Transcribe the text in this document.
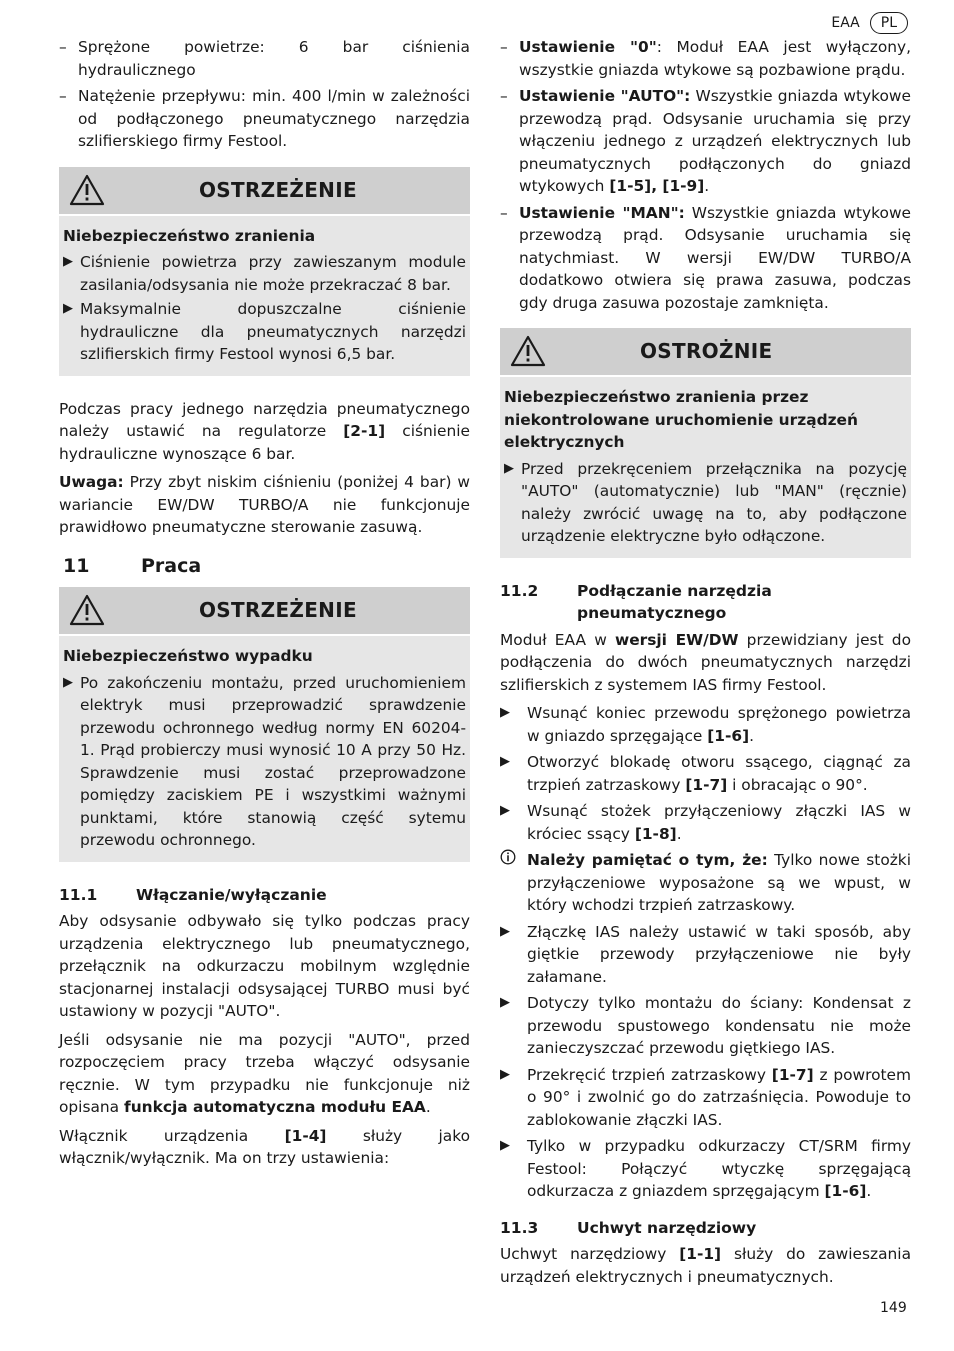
EAA	PL
– Sprężone powietrze: 6 bar ciśnienia hydraulicznego
– Natężenie przepływu: min. 400 l/min w zależności od podłączonego pneumatycznego narzędzia szlifierskiego firmy Festool.
OSTRZEŻENIE
Niebezpieczeństwo zranienia
▶ Ciśnienie powietrza przy zawieszanym module zasilania/odsysania nie może przekraczać 8 bar.
▶ Maksymalnie dopuszczalne ciśnienie hydrauliczne dla pneumatycznych narzędzi szlifierskich firmy Festool wynosi 6,5 bar.

Podczas pracy jednego narzędzia pneumatycznego należy ustawić na regulatorze [2-1] ciśnienie hydrauliczne wynoszące 6 bar.

Uwaga: Przy zbyt niskim ciśnieniu (poniżej 4 bar) w wariancie EW/DW TURBO/A nie funkcjonuje prawidłowo pneumatyczne sterowanie zasuwą.

11	Praca
OSTRZEŻENIE
Niebezpieczeństwo wypadku
▶ Po zakończeniu montażu, przed uruchomieniem elektryk musi przeprowadzić sprawdzenie przewodu ochronnego według normy EN 60204-1. Prąd probierczy musi wynosić 10 A przy 50 Hz. Sprawdzenie musi zostać przeprowadzone pomiędzy zaciskiem PE i wszystkimi ważnymi punktami, które stanowią część sytemu przewodu ochronnego.
11.1	Włączanie/wyłączanie

Aby odsysanie odbywało się tylko podczas pracy urządzenia elektrycznego lub pneumatycznego, przełącznik na odkurzaczu mobilnym względnie stacjonarnej instalacji odsysającej TURBO musi być ustawiony w pozycji "AUTO".

Jeśli odsysanie nie ma pozycji "AUTO", przed rozpoczęciem pracy trzeba włączyć odsysanie ręcznie. W tym przypadku nie funkcjonuje niż opisana funkcja automatyczna modułu EAA.

Włącznik urządzenia [1-4] służy jako włącznik/wyłącznik. Ma on trzy ustawienia:

– Ustawienie "0": Moduł EAA jest wyłączony, wszystkie gniazda wtykowe są pozbawione prądu.
– Ustawienie "AUTO": Wszystkie gniazda wtykowe przewodzą prąd. Odsysanie uruchamia się przy włączeniu jednego z urządzeń elektrycznych lub pneumatycznych podłączonych do gniazd wtykowych [1-5], [1-9].
– Ustawienie "MAN": Wszystkie gniazda wtykowe przewodzą prąd. Odsysanie uruchamia się natychmiast. W wersji EW/DW TURBO/A dodatkowo otwiera się prawa zasuwa, podczas gdy druga zasuwa pozostaje zamknięta.
OSTROŻNIE
Niebezpieczeństwo zranienia przez niekontrolowane uruchomienie urządzeń elektrycznych
▶ Przed przekręceniem przełącznika na pozycję "AUTO" (automatycznie) lub "MAN" (ręcznie) należy zwrócić uwagę na to, aby podłączone urządzenie elektryczne było odłączone.
11.2	Podłączanie narzędzia pneumatycznego

Moduł EAA w wersji EW/DW przewidziany jest do podłączenia do dwóch pneumatycznych narzędzi szlifierskich z systemem IAS firmy Festool.

▶	Wsunąć koniec przewodu sprężonego powietrza w gniazdo sprzęgające [1-6].
▶	Otworzyć blokadę otworu ssącego, ciągnąć za trzpień zatrzaskowy [1-7] i obracając o 90°.
▶	Wsunąć stożek przyłączeniowy złączki IAS w króciec ssący [1-8].
Należy pamiętać o tym, że: Tylko nowe stożki przyłączeniowe wyposażone są we wpust, w który wchodzi trzpień zatrzaskowy.
▶	Złączkę IAS należy ustawić w taki sposób, aby giętkie przewody przyłączeniowe nie były załamane.
▶	Dotyczy tylko montażu do ściany: Kondensat z przewodu spustowego kondensatu nie może zanieczyszczać przewodu giętkiego IAS.
▶	Przekręcić trzpień zatrzaskowy [1-7] z powrotem o 90° i zwolnić go do zatrzaśnięcia. Powoduje to zablokowanie złączki IAS.
▶	Tylko w przypadku odkurzaczy CT/SRM firmy Festool: Połączyć wtyczkę sprzęgającą odkurzacza z gniazdem sprzęgającym [1-6].
11.3	Uchwyt narzędziowy

Uchwyt narzędziowy [1-1] służy do zawieszania urządzeń elektrycznych i pneumatycznych.

149
